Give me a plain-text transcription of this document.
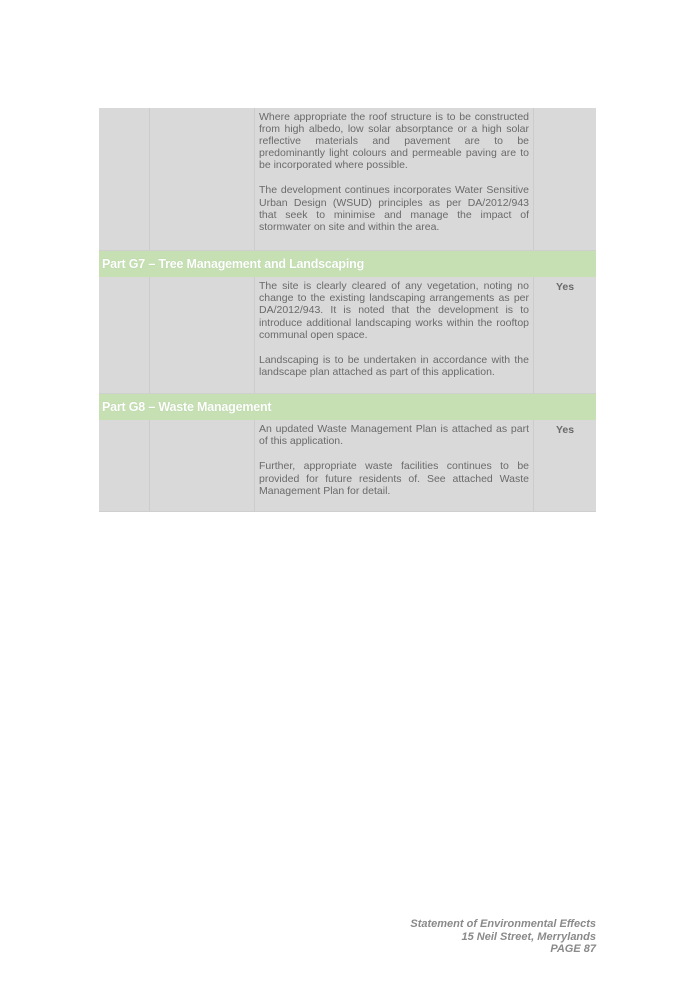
Where appropriate the roof structure is to be constructed from high albedo, low solar absorptance or a high solar reflective materials and pavement are to be predominantly light colours and permeable paving are to be incorporated where possible.

The development continues incorporates Water Sensitive Urban Design (WSUD) principles as per DA/2012/943 that seek to minimise and manage the impact of stormwater on site and within the area.

Part G7 – Tree Management and Landscaping

The site is clearly cleared of any vegetation, noting no change to the existing landscaping arrangements as per DA/2012/943. It is noted that the development is to introduce additional landscaping works within the rooftop communal open space.

Landscaping is to be undertaken in accordance with the landscape plan attached as part of this application.

Yes
Part G8 – Waste Management

An updated Waste Management Plan is attached as part of this application.

Further, appropriate waste facilities continues to be provided for future residents of. See attached Waste Management Plan for detail.

Yes
Statement of Environmental Effects
15 Neil Street, Merrylands
PAGE 87
